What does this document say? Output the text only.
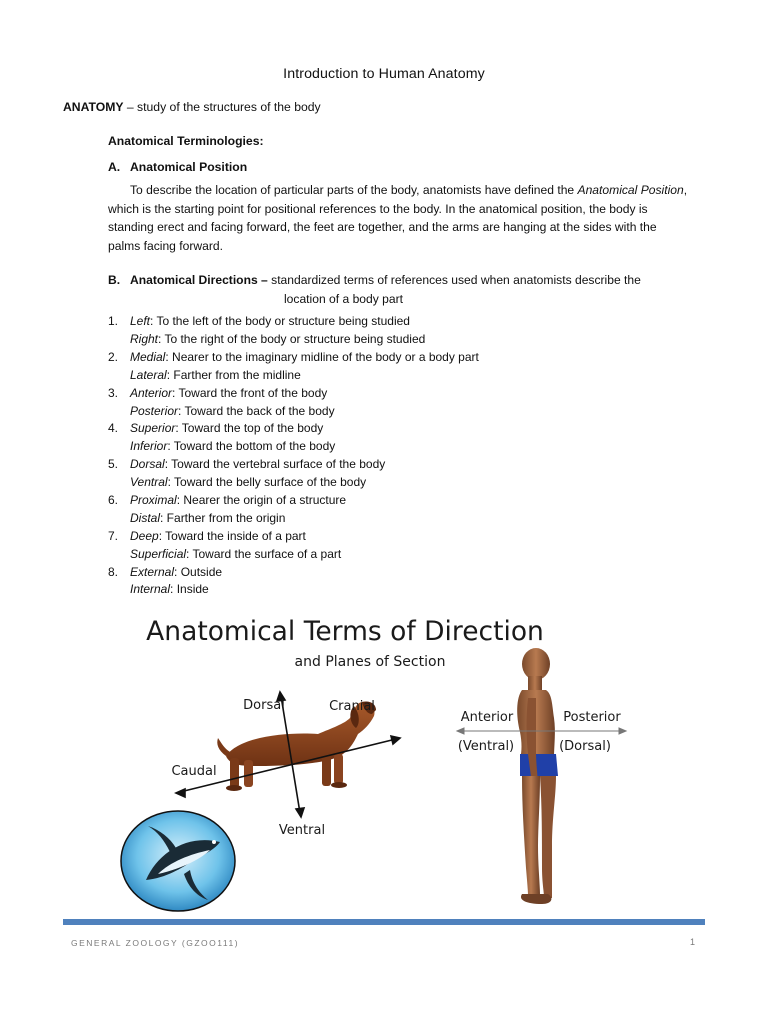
Introduction to Human Anatomy
ANATOMY – study of the structures of the body
Anatomical Terminologies:
A. Anatomical Position
To describe the location of particular parts of the body, anatomists have defined the Anatomical Position, which is the starting point for positional references to the body. In the anatomical position, the body is standing erect and facing forward, the feet are together, and the arms are hanging at the sides with the palms facing forward.
B. Anatomical Directions – standardized terms of references used when anatomists describe the
location of a body part
1. Left: To the left of the body or structure being studied
Right: To the right of the body or structure being studied
2. Medial: Nearer to the imaginary midline of the body or a body part
Lateral: Farther from the midline
3. Anterior: Toward the front of the body
Posterior: Toward the back of the body
4. Superior: Toward the top of the body
Inferior: Toward the bottom of the body
5. Dorsal: Toward the vertebral surface of the body
Ventral: Toward the belly surface of the body
6. Proximal: Nearer the origin of a structure
Distal: Farther from the origin
7. Deep: Toward the inside of a part
Superficial: Toward the surface of a part
8. External: Outside
Internal: Inside
Anatomical Terms of Direction
and Planes of Section
Dorsal	Cranial
Caudal
Ventral
Anterior	Posterior
(Ventral)	(Dorsal)
GENERAL ZOOLOGY (GZOO111)	1
